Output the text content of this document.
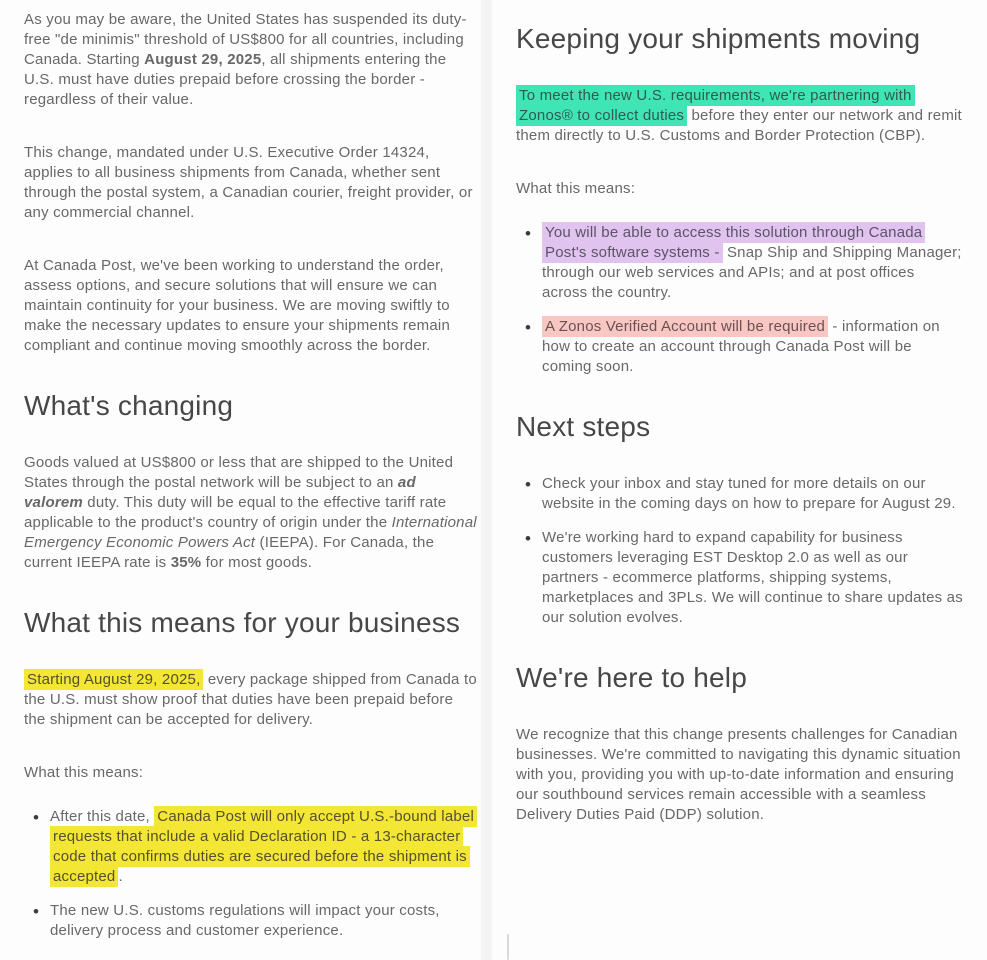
As you may be aware, the United States has suspended its duty-free "de minimis" threshold of US$800 for all countries, including Canada. Starting August 29, 2025, all shipments entering the U.S. must have duties prepaid before crossing the border - regardless of their value.

This change, mandated under U.S. Executive Order 14324, applies to all business shipments from Canada, whether sent through the postal system, a Canadian courier, freight provider, or any commercial channel.

At Canada Post, we've been working to understand the order, assess options, and secure solutions that will ensure we can maintain continuity for your business. We are moving swiftly to make the necessary updates to ensure your shipments remain compliant and continue moving smoothly across the border.

What's changing

Goods valued at US$800 or less that are shipped to the United States through the postal network will be subject to an ad valorem duty. This duty will be equal to the effective tariff rate applicable to the product's country of origin under the International Emergency Economic Powers Act (IEEPA). For Canada, the current IEEPA rate is 35% for most goods.

What this means for your business

Starting August 29, 2025, every package shipped from Canada to the U.S. must show proof that duties have been prepaid before the shipment can be accepted for delivery.

What this means:
• After this date, Canada Post will only accept U.S.-bound label requests that include a valid Declaration ID - a 13-character code that confirms duties are secured before the shipment is accepted .
• The new U.S. customs regulations will impact your costs, delivery process and customer experience.
Keeping your shipments moving

To meet the new U.S. requirements, we're partnering with Zonos® to collect duties before they enter our network and remit them directly to U.S. Customs and Border Protection (CBP).

What this means:
• You will be able to access this solution through Canada Post's software systems - Snap Ship and Shipping Manager; through our web services and APIs; and at post offices across the country.
• A Zonos Verified Account will be required - information on how to create an account through Canada Post will be coming soon.
Next steps
• Check your inbox and stay tuned for more details on our website in the coming days on how to prepare for August 29.
• We're working hard to expand capability for business customers leveraging EST Desktop 2.0 as well as our partners - ecommerce platforms, shipping systems, marketplaces and 3PLs. We will continue to share updates as our solution evolves.
We're here to help

We recognize that this change presents challenges for Canadian businesses. We're committed to navigating this dynamic situation with you, providing you with up-to-date information and ensuring our southbound services remain accessible with a seamless Delivery Duties Paid (DDP) solution.
